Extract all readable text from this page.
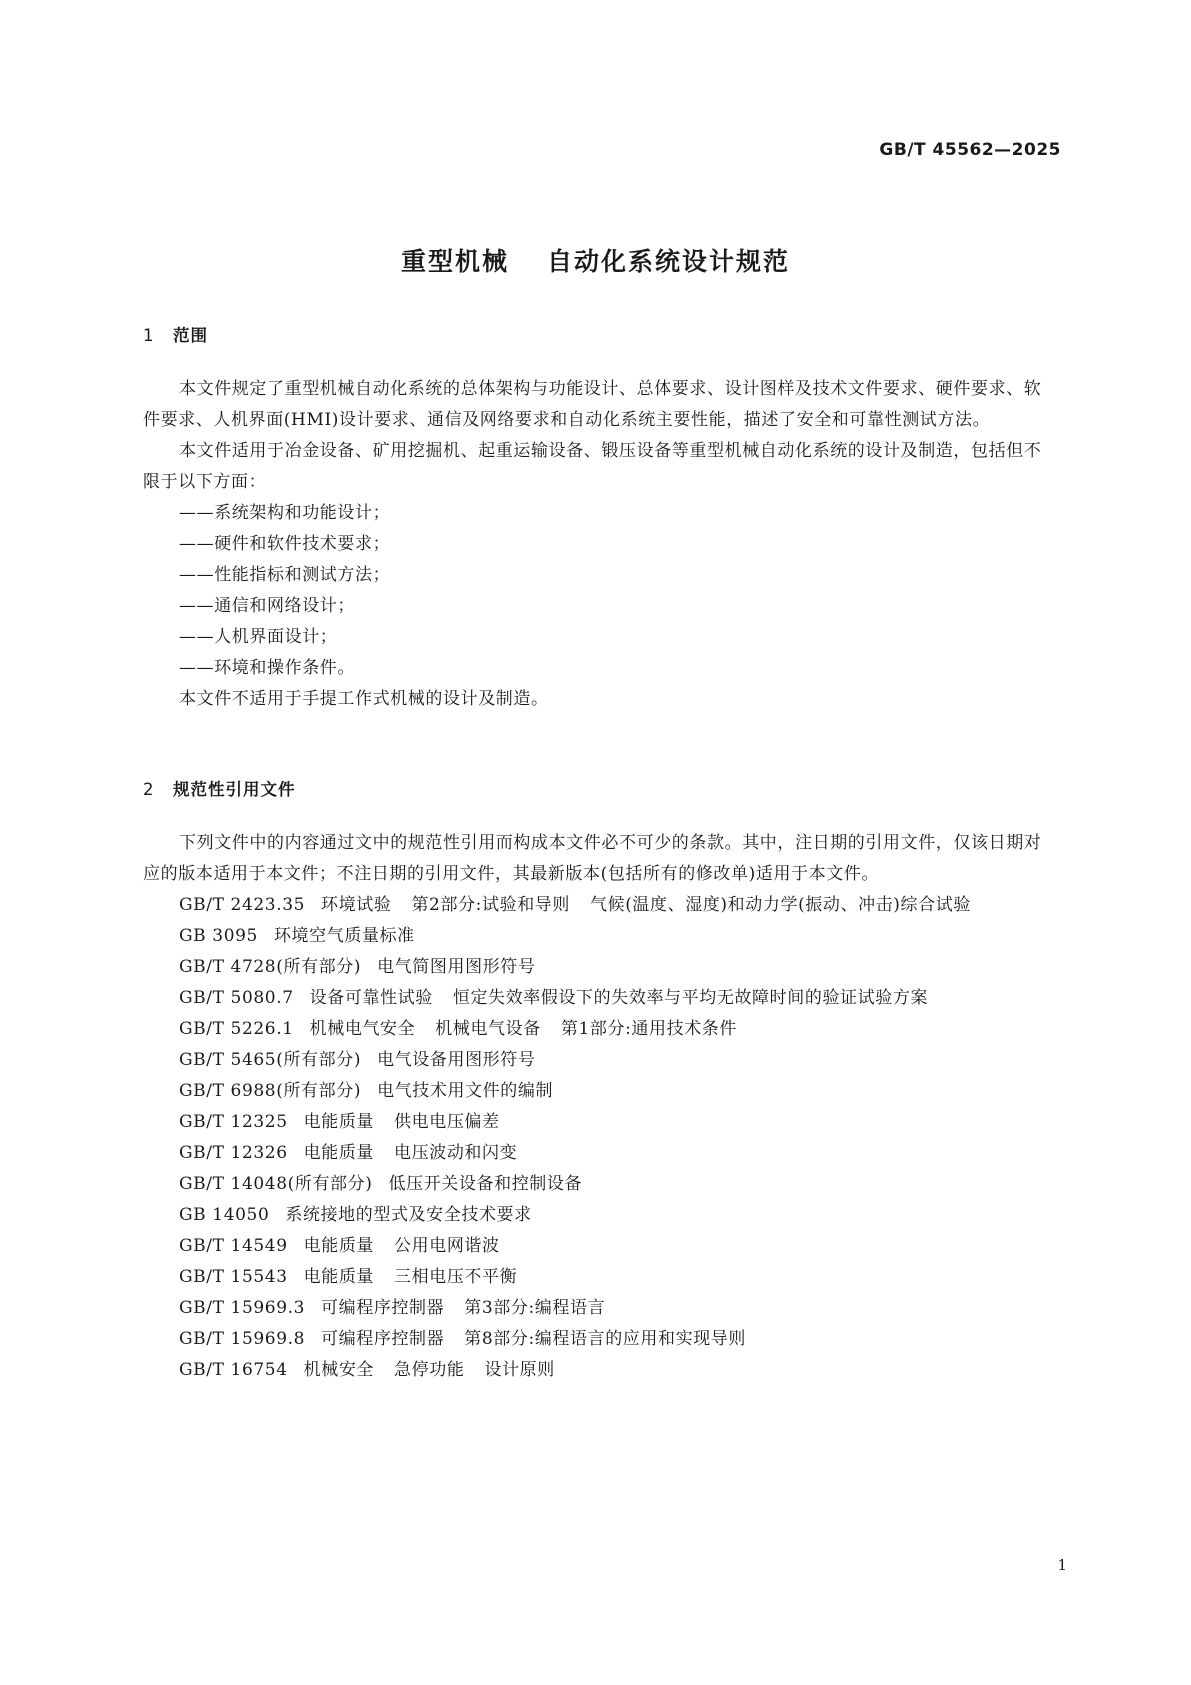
GB/T 45562—2025
重型机械 自动化系统设计规范
1 范围

本文件规定了重型机械自动化系统的总体架构与功能设计、总体要求、设计图样及技术文件要求、硬件要求、软件要求、人机界面(HMI)设计要求、通信及网络要求和自动化系统主要性能，描述了安全和可靠性测试方法。

本文件适用于冶金设备、矿用挖掘机、起重运输设备、锻压设备等重型机械自动化系统的设计及制造，包括但不限于以下方面：

——系统架构和功能设计；

——硬件和软件技术要求；

——性能指标和测试方法；

——通信和网络设计；

——人机界面设计；

——环境和操作条件。

本文件不适用于手提工作式机械的设计及制造。

2 规范性引用文件

下列文件中的内容通过文中的规范性引用而构成本文件必不可少的条款。其中，注日期的引用文件，仅该日期对应的版本适用于本文件；不注日期的引用文件，其最新版本(包括所有的修改单)适用于本文件。

GB/T 2423.35 环境试验 第2部分:试验和导则 气候(温度、湿度)和动力学(振动、冲击)综合试验

GB 3095 环境空气质量标准

GB/T 4728(所有部分) 电气简图用图形符号

GB/T 5080.7 设备可靠性试验 恒定失效率假设下的失效率与平均无故障时间的验证试验方案

GB/T 5226.1 机械电气安全 机械电气设备 第1部分:通用技术条件

GB/T 5465(所有部分) 电气设备用图形符号

GB/T 6988(所有部分) 电气技术用文件的编制

GB/T 12325 电能质量 供电电压偏差

GB/T 12326 电能质量 电压波动和闪变

GB/T 14048(所有部分) 低压开关设备和控制设备

GB 14050 系统接地的型式及安全技术要求

GB/T 14549 电能质量 公用电网谐波

GB/T 15543 电能质量 三相电压不平衡

GB/T 15969.3 可编程序控制器 第3部分:编程语言

GB/T 15969.8 可编程序控制器 第8部分:编程语言的应用和实现导则

GB/T 16754 机械安全 急停功能 设计原则

1
